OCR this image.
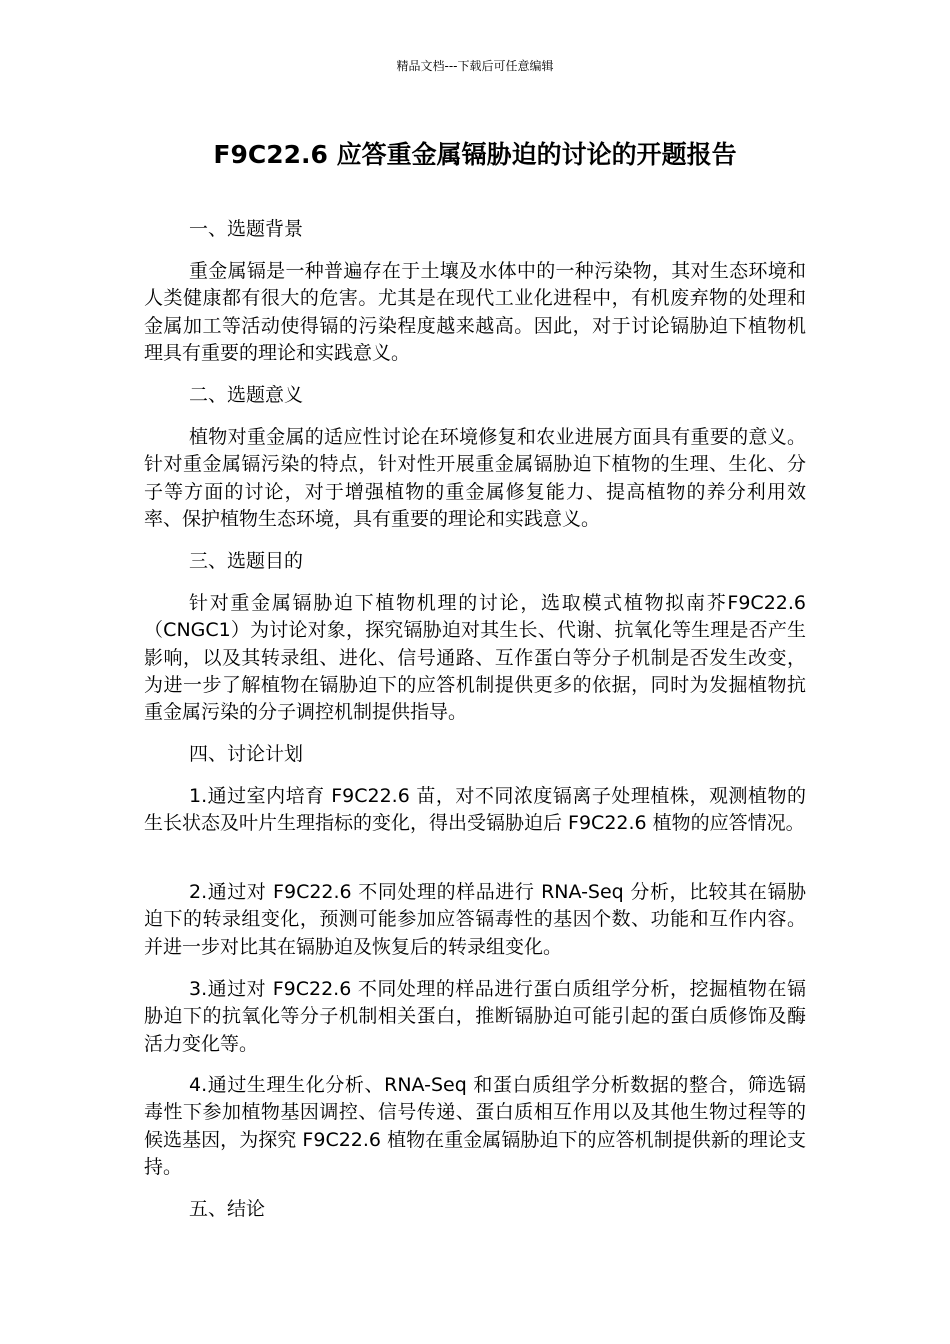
精品文档---下载后可任意编辑
F9C22.6 应答重金属镉胁迫的讨论的开题报告

一、选题背景

重金属镉是一种普遍存在于土壤及水体中的一种污染物，其对生态环境和人类健康都有很大的危害。尤其是在现代工业化进程中，有机废弃物的处理和金属加工等活动使得镉的污染程度越来越高。因此，对于讨论镉胁迫下植物机理具有重要的理论和实践意义。

二、选题意义

植物对重金属的适应性讨论在环境修复和农业进展方面具有重要的意义。针对重金属镉污染的特点，针对性开展重金属镉胁迫下植物的生理、生化、分子等方面的讨论，对于增强植物的重金属修复能力、提高植物的养分利用效率、保护植物生态环境，具有重要的理论和实践意义。

三、选题目的

针对重金属镉胁迫下植物机理的讨论，选取模式植物拟南芥F9C22.6（CNGC1）为讨论对象，探究镉胁迫对其生长、代谢、抗氧化等生理是否产生影响，以及其转录组、进化、信号通路、互作蛋白等分子机制是否发生改变，为进一步了解植物在镉胁迫下的应答机制提供更多的依据，同时为发掘植物抗重金属污染的分子调控机制提供指导。

四、讨论计划

1.通过室内培育 F9C22.6 苗，对不同浓度镉离子处理植株，观测植物的生长状态及叶片生理指标的变化，得出受镉胁迫后 F9C22.6 植物的应答情况。

2.通过对 F9C22.6 不同处理的样品进行 RNA-Seq 分析，比较其在镉胁迫下的转录组变化，预测可能参加应答镉毒性的基因个数、功能和互作内容。并进一步对比其在镉胁迫及恢复后的转录组变化。

3.通过对 F9C22.6 不同处理的样品进行蛋白质组学分析，挖掘植物在镉胁迫下的抗氧化等分子机制相关蛋白，推断镉胁迫可能引起的蛋白质修饰及酶活力变化等。

4.通过生理生化分析、RNA-Seq 和蛋白质组学分析数据的整合，筛选镉毒性下参加植物基因调控、信号传递、蛋白质相互作用以及其他生物过程等的候选基因，为探究 F9C22.6 植物在重金属镉胁迫下的应答机制提供新的理论支持。

五、结论
